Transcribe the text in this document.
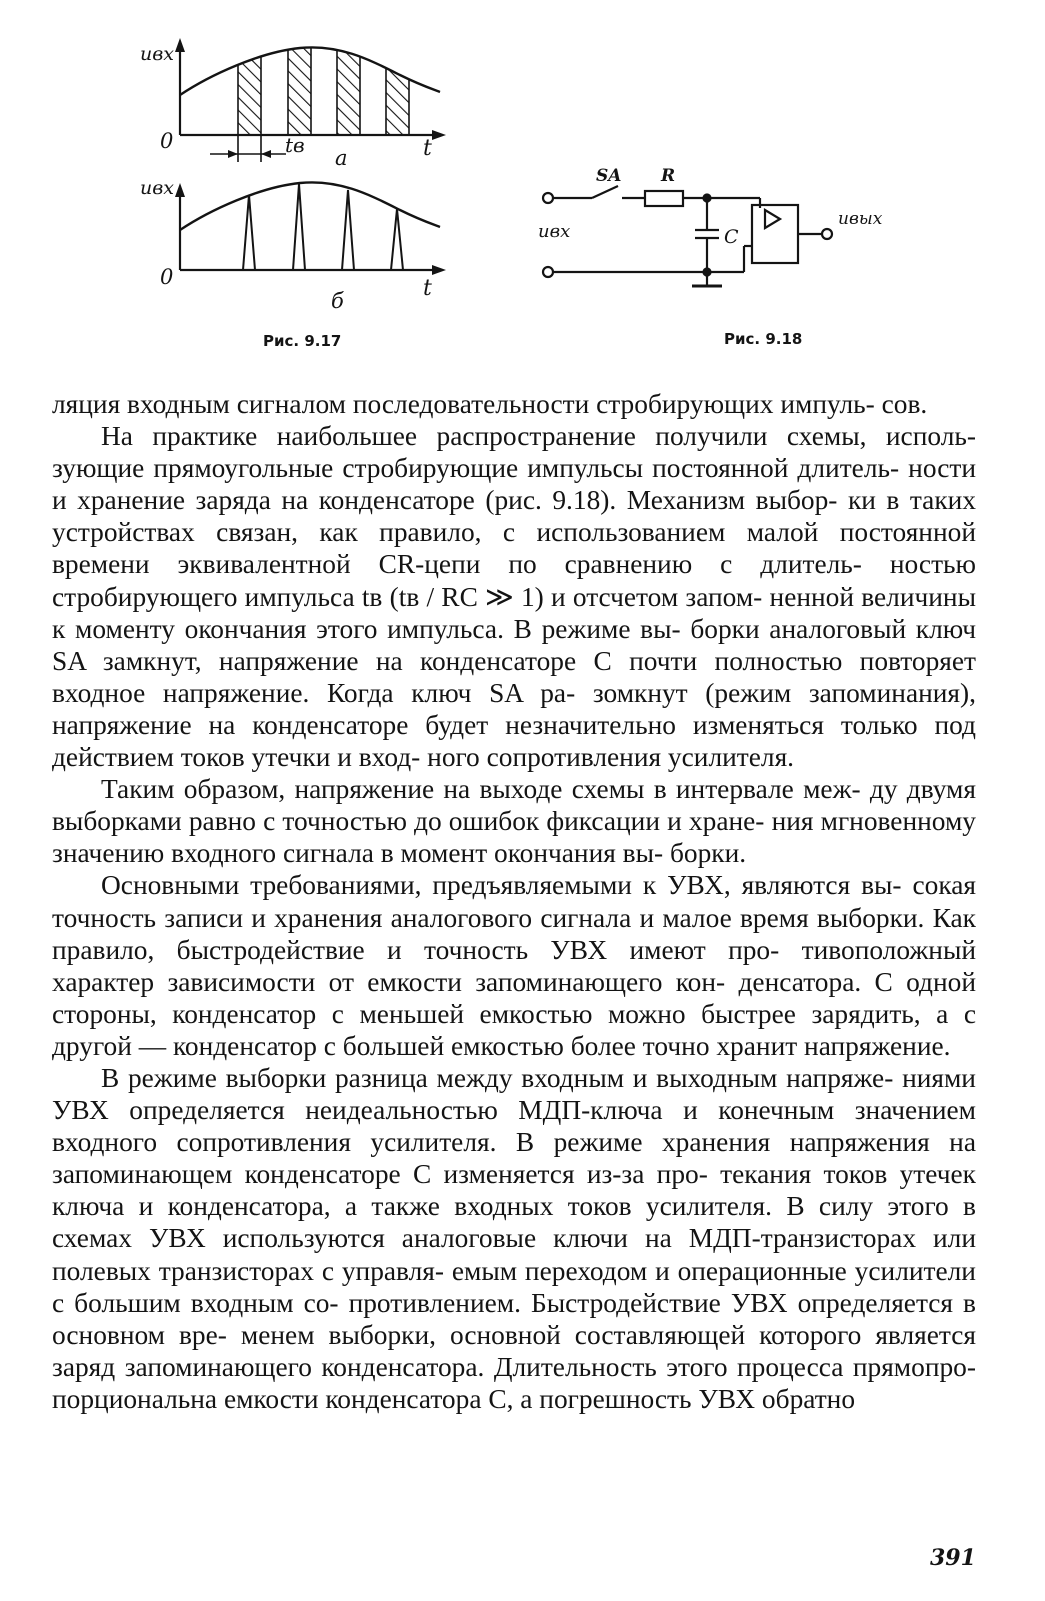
uвх
0	tв	t
а
uвх
0	t
б
Рис. 9.17
SA R
C
uвх
uвых
Рис. 9.18

ляция входным сигналом последовательности стробирующих импуль- сов.

На практике наибольшее распространение получили схемы, исполь- зующие прямоугольные стробирующие импульсы постоянной длитель- ности и хранение заряда на конденсаторе (рис. 9.18). Механизм выбор- ки в таких устройствах связан, как правило, с использованием малой постоянной времени эквивалентной CR-цепи по сравнению с длитель- ностью стробирующего импульса tв (tв / RC ≫ 1) и отсчетом запом- ненной величины к моменту окончания этого импульса. В режиме вы- борки аналоговый ключ SA замкнут, напряжение на конденсаторе C почти полностью повторяет входное напряжение. Когда ключ SA ра- зомкнут (режим запоминания), напряжение на конденсаторе будет незначительно изменяться только под действием токов утечки и вход- ного сопротивления усилителя.

Таким образом, напряжение на выходе схемы в интервале меж- ду двумя выборками равно с точностью до ошибок фиксации и хране- ния мгновенному значению входного сигнала в момент окончания вы- борки.

Основными требованиями, предъявляемыми к УВХ, являются вы- сокая точность записи и хранения аналогового сигнала и малое время выборки. Как правило, быстродействие и точность УВХ имеют про- тивоположный характер зависимости от емкости запоминающего кон- денсатора. С одной стороны, конденсатор с меньшей емкостью можно быстрее зарядить, а с другой — конденсатор с большей емкостью более точно хранит напряжение.

В режиме выборки разница между входным и выходным напряже- ниями УВХ определяется неидеальностью МДП-ключа и конечным значением входного сопротивления усилителя. В режиме хранения напряжения на запоминающем конденсаторе C изменяется из-за про- текания токов утечек ключа и конденсатора, а также входных токов усилителя. В силу этого в схемах УВХ используются аналоговые ключи на МДП-транзисторах или полевых транзисторах с управля- емым переходом и операционные усилители с большим входным со- противлением. Быстродействие УВХ определяется в основном вре- менем выборки, основной составляющей которого является заряд запоминающего конденсатора. Длительность этого процесса прямопро- порциональна емкости конденсатора C, а погрешность УВХ обратно

391
